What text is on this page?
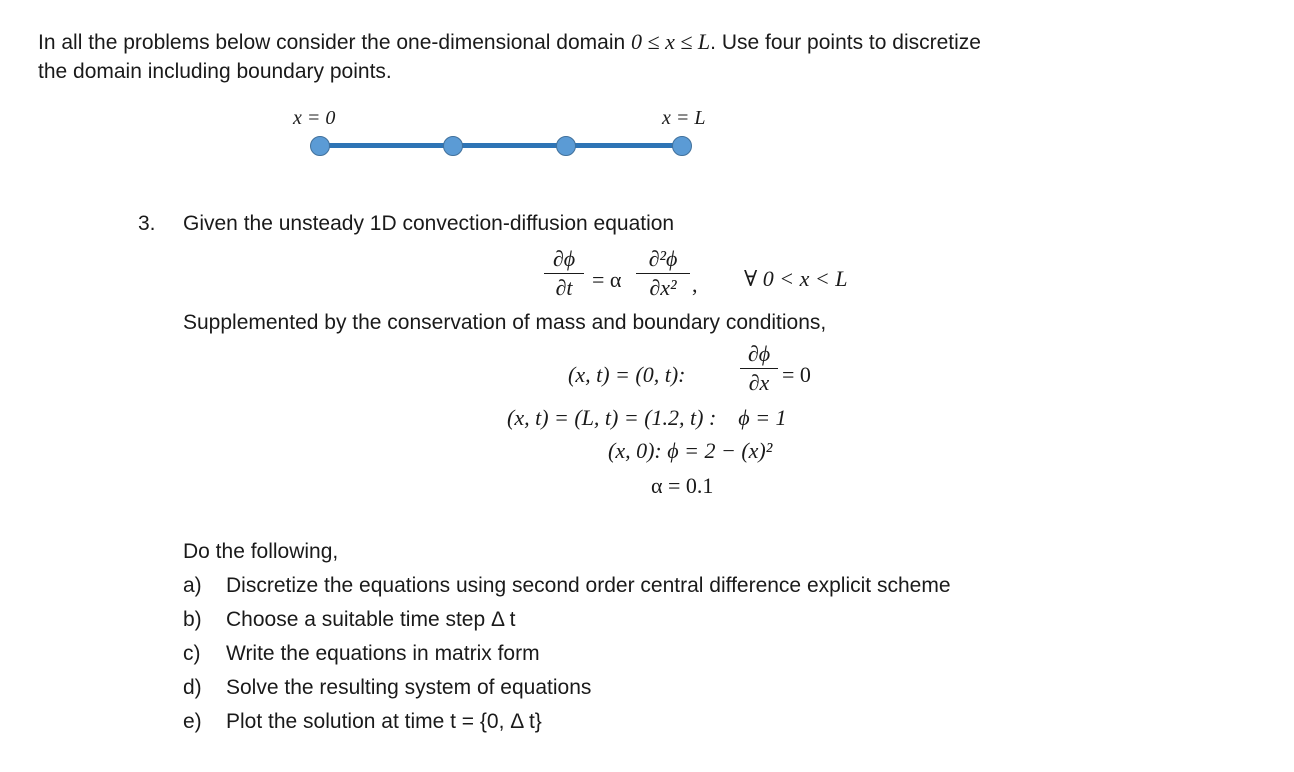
In all the problems below consider the one-dimensional domain 0 ≤ x ≤ L. Use four points to discretize
the domain including boundary points.
x = 0	x = L
3. Given the unsteady 1D convection-diffusion equation
∂ϕ
∂t = α
∂²ϕ
∂x² , ∀ 0 < x < L
Supplemented by the conservation of mass and boundary conditions,
(x, t) = (0, t):
∂ϕ
∂x = 0
(x, t) = (L, t) = (1.2, t) :    ϕ = 1
(x, 0): ϕ = 2 − (x)²
α = 0.1
Do the following,
a) Discretize the equations using second order central difference explicit scheme
b) Choose a suitable time step Δ t
c) Write the equations in matrix form
d) Solve the resulting system of equations
e) Plot the solution at time t = {0, Δ t}
